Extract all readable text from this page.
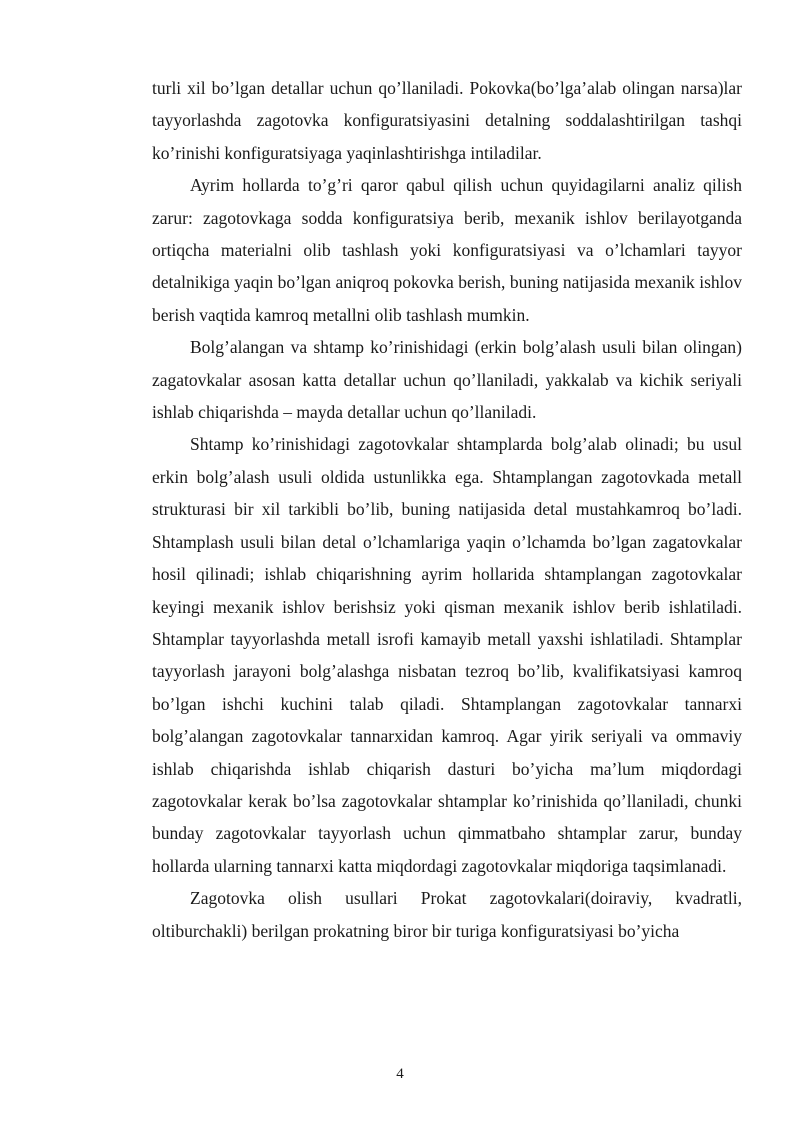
turli xil bo’lgan detallar uchun qo’llaniladi. Pokovka(bo’lga’alab olingan narsa)lar tayyorlashda zagotovka konfiguratsiyasini detalning soddalashtirilgan tashqi ko’rinishi konfiguratsiyaga yaqinlashtirishga intiladilar.

Ayrim hollarda to’g’ri qaror qabul qilish uchun quyidagilarni analiz qilish zarur: zagotovkaga sodda konfiguratsiya berib, mexanik ishlov berilayotganda ortiqcha materialni olib tashlash yoki konfiguratsiyasi va o’lchamlari tayyor detalnikiga yaqin bo’lgan aniqroq pokovka berish, buning natijasida mexanik ishlov berish vaqtida kamroq metallni olib tashlash mumkin.

Bolg’alangan va shtamp ko’rinishidagi (erkin bolg’alash usuli bilan olingan) zagatovkalar asosan katta detallar uchun qo’llaniladi, yakkalab va kichik seriyali ishlab chiqarishda – mayda detallar uchun qo’llaniladi.

Shtamp ko’rinishidagi zagotovkalar shtamplarda bolg’alab olinadi; bu usul erkin bolg’alash usuli oldida ustunlikka ega. Shtamplangan zagotovkada metall strukturasi bir xil tarkibli bo’lib, buning natijasida detal mustahkamroq bo’ladi. Shtamplash usuli bilan detal o’lchamlariga yaqin o’lchamda bo’lgan zagatovkalar hosil qilinadi; ishlab chiqarishning ayrim hollarida shtamplangan zagotovkalar keyingi mexanik ishlov berishsiz yoki qisman mexanik ishlov berib ishlatiladi. Shtamplar tayyorlashda metall isrofi kamayib metall yaxshi ishlatiladi. Shtamplar tayyorlash jarayoni bolg’alashga nisbatan tezroq bo’lib, kvalifikatsiyasi kamroq bo’lgan ishchi kuchini talab qiladi. Shtamplangan zagotovkalar tannarxi bolg’alangan zagotovkalar tannarxidan kamroq. Agar yirik seriyali va ommaviy ishlab chiqarishda ishlab chiqarish dasturi bo’yicha ma’lum miqdordagi zagotovkalar kerak bo’lsa zagotovkalar shtamplar ko’rinishida qo’llaniladi, chunki bunday zagotovkalar tayyorlash uchun qimmatbaho shtamplar zarur, bunday hollarda ularning tannarxi katta miqdordagi zagotovkalar miqdoriga taqsimlanadi.

Zagotovka olish usullari Prokat zagotovkalari(doiraviy, kvadratli, oltiburchakli) berilgan prokatning biror bir turiga konfiguratsiyasi bo’yicha

4
